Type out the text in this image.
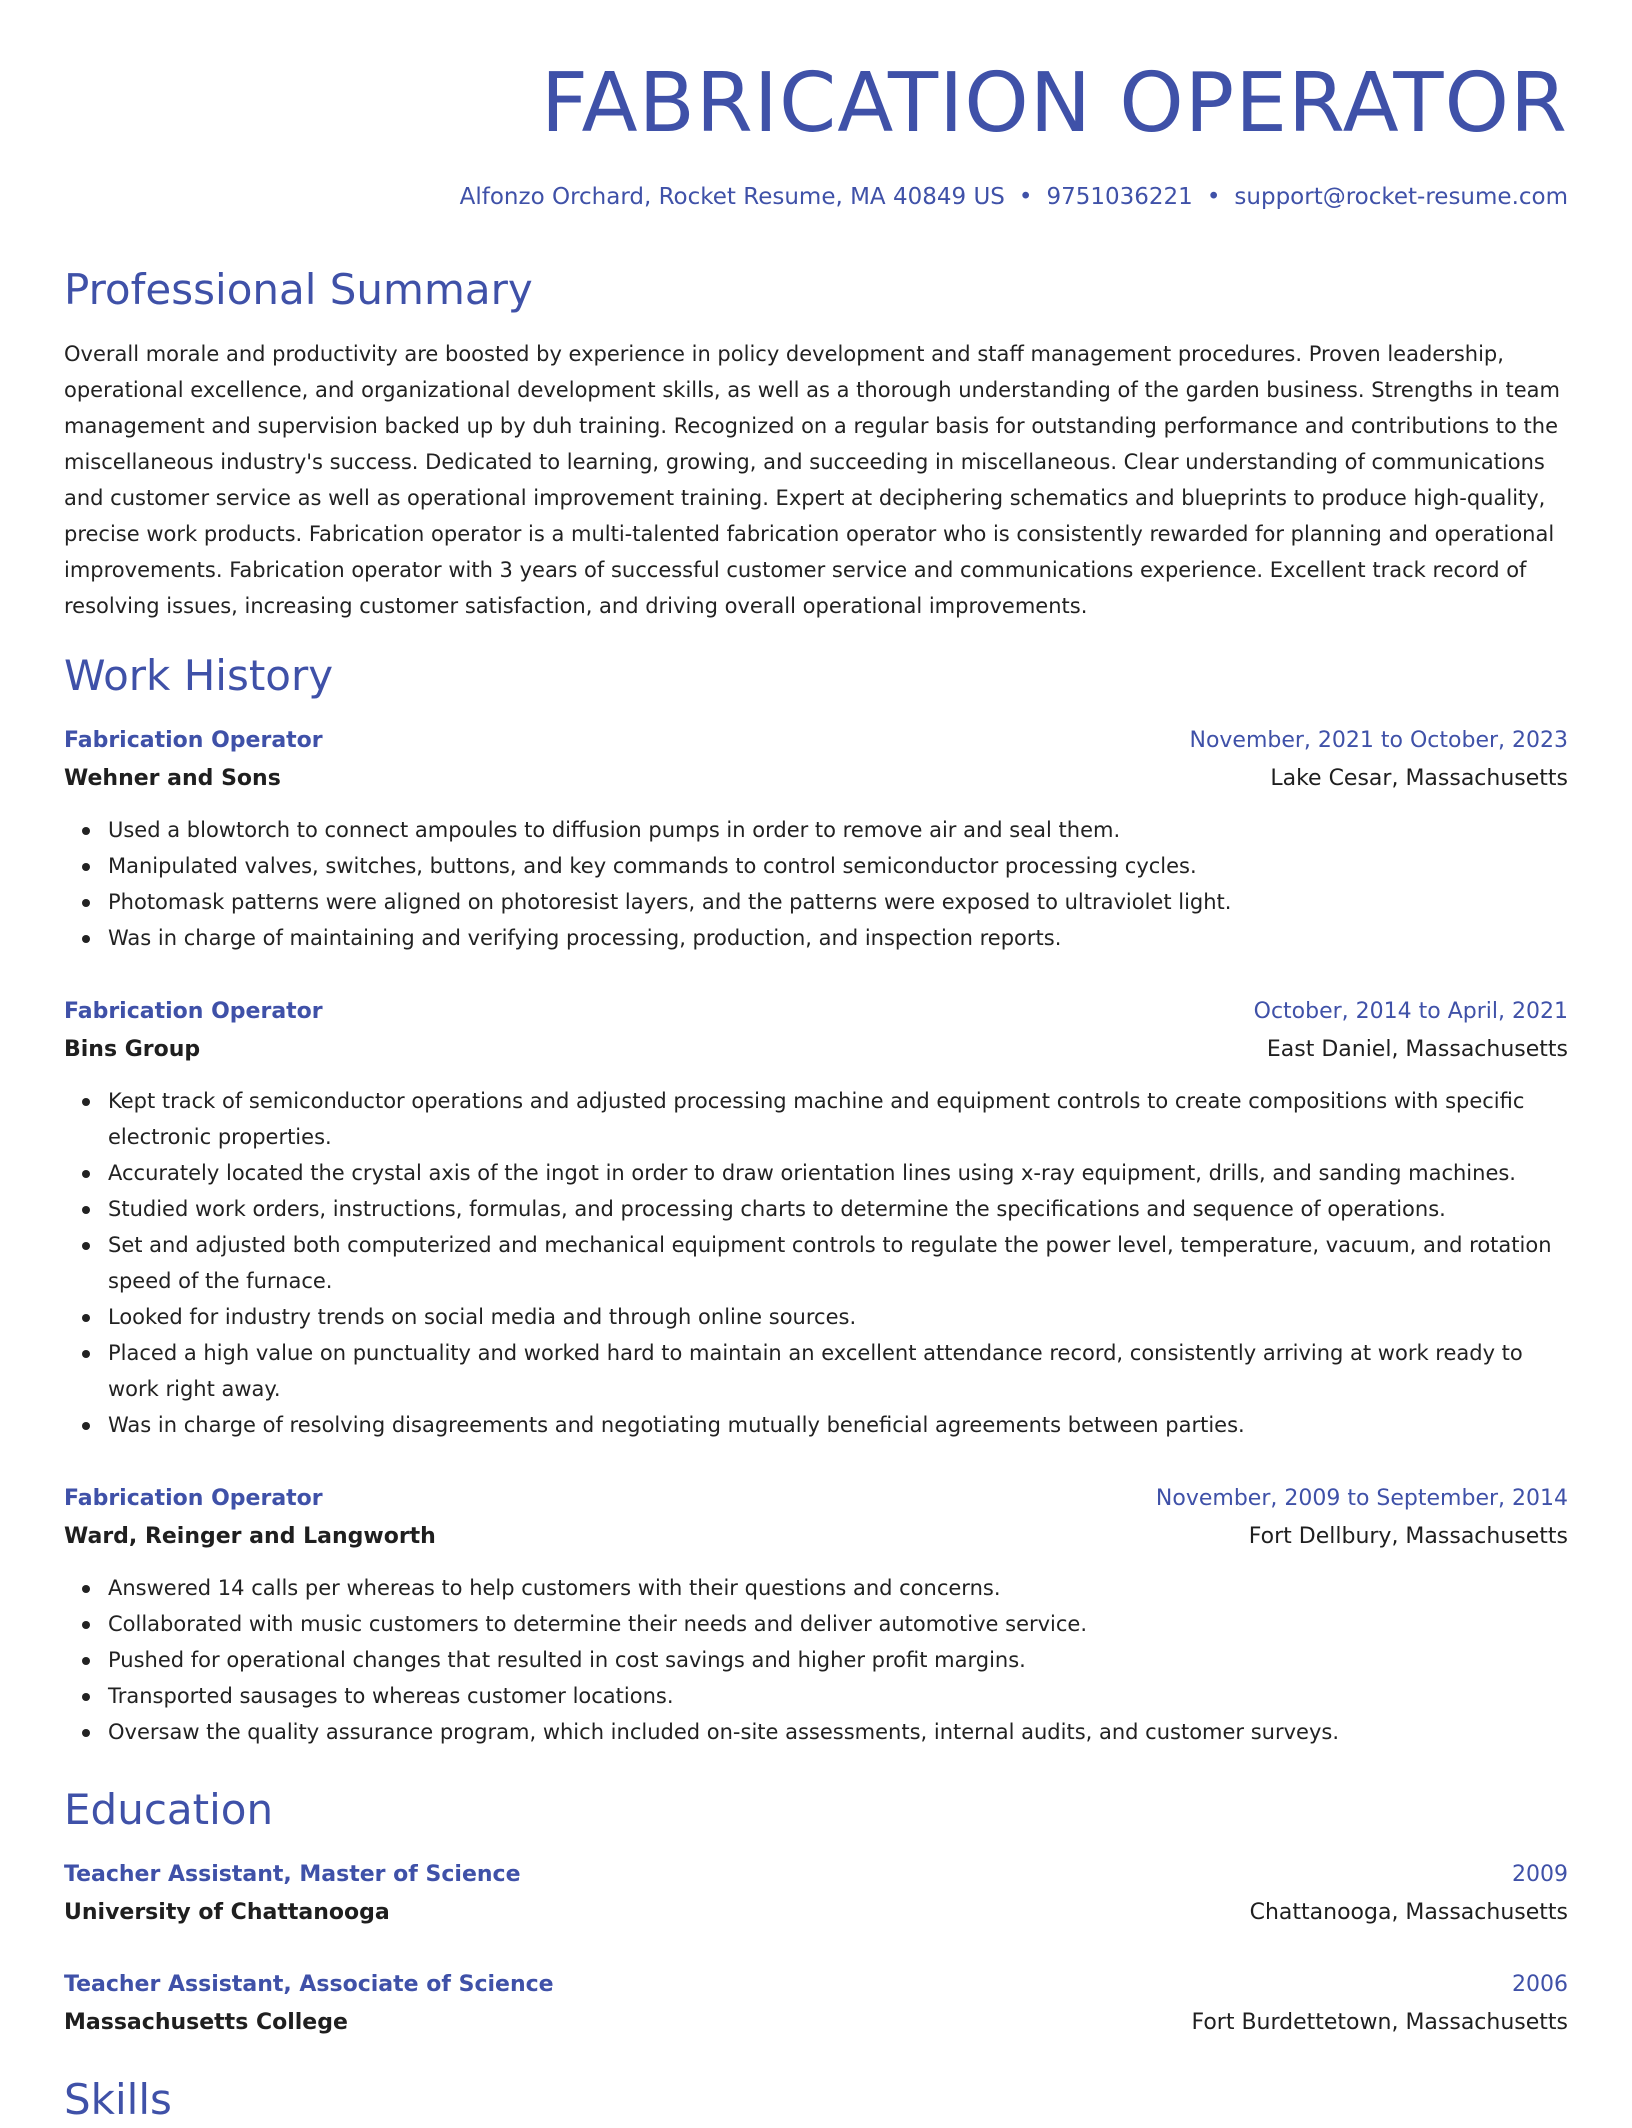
FABRICATION OPERATOR
Alfonzo Orchard, Rocket Resume, MA 40849 US • 9751036221 • support@rocket-resume.com
Professional Summary

Overall morale and productivity are boosted by experience in policy development and staff management procedures. Proven leadership, operational excellence, and organizational development skills, as well as a thorough understanding of the garden business. Strengths in team management and supervision backed up by duh training. Recognized on a regular basis for outstanding performance and contributions to the miscellaneous industry's success. Dedicated to learning, growing, and succeeding in miscellaneous. Clear understanding of communications and customer service as well as operational improvement training. Expert at deciphering schematics and blueprints to produce high-quality, precise work products. Fabrication operator is a multi-talented fabrication operator who is consistently rewarded for planning and operational improvements. Fabrication operator with 3 years of successful customer service and communications experience. Excellent track record of resolving issues, increasing customer satisfaction, and driving overall operational improvements.

Work History
Fabrication Operator	November, 2021 to October, 2023
Wehner and Sons	Lake Cesar, Massachusetts
Used a blowtorch to connect ampoules to diffusion pumps in order to remove air and seal them.
Manipulated valves, switches, buttons, and key commands to control semiconductor processing cycles.
Photomask patterns were aligned on photoresist layers, and the patterns were exposed to ultraviolet light.
Was in charge of maintaining and verifying processing, production, and inspection reports.
Fabrication Operator	October, 2014 to April, 2021
Bins Group	East Daniel, Massachusetts
Kept track of semiconductor operations and adjusted processing machine and equipment controls to create compositions with specific electronic properties.
Accurately located the crystal axis of the ingot in order to draw orientation lines using x-ray equipment, drills, and sanding machines.
Studied work orders, instructions, formulas, and processing charts to determine the specifications and sequence of operations.
Set and adjusted both computerized and mechanical equipment controls to regulate the power level, temperature, vacuum, and rotation speed of the furnace.
Looked for industry trends on social media and through online sources.
Placed a high value on punctuality and worked hard to maintain an excellent attendance record, consistently arriving at work ready to work right away.
Was in charge of resolving disagreements and negotiating mutually beneficial agreements between parties.
Fabrication Operator	November, 2009 to September, 2014
Ward, Reinger and Langworth	Fort Dellbury, Massachusetts
Answered 14 calls per whereas to help customers with their questions and concerns.
Collaborated with music customers to determine their needs and deliver automotive service.
Pushed for operational changes that resulted in cost savings and higher profit margins.
Transported sausages to whereas customer locations.
Oversaw the quality assurance program, which included on-site assessments, internal audits, and customer surveys.
Education
Teacher Assistant, Master of Science	2009
University of Chattanooga	Chattanooga, Massachusetts
Teacher Assistant, Associate of Science	2006
Massachusetts College	Fort Burdettetown, Massachusetts
Skills
